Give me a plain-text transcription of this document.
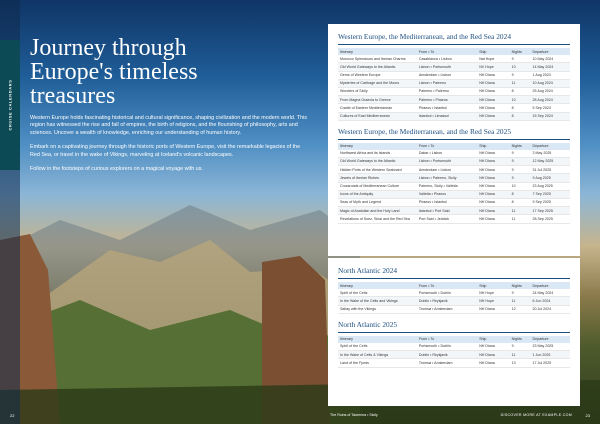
CRUISE CALENDARS
Journey through
Europe's timeless
treasures

Western Europe holds fascinating historical and cultural significance, shaping civilization and the modern world. This region has witnessed the rise and fall of empires, the birth of religions, and the flourishing of philosophy, arts and sciences. Uncover a wealth of knowledge, enriching our understanding of human history.

Embark on a captivating journey through the historic ports of Western Europe, visit the remarkable legacies of the Red Sea, or travel in the wake of Vikings, marveling at Iceland's volcanic landscapes.

Follow in the footsteps of curious explorers on a magical voyage with us.

Western Europe, the Mediterranean, and the Red Sea 2024
Itinerary	From • To	Ship	Nights	Departure
Morocco Splendours and Iberian Charms	Casablanca • Lisbon	Nat Hope	9	10 May 2024
Old World Gateways to the Atlantic	Lisbon • Portsmouth	NV Hope	10	14 May 2024
Gems of Western Europe	Amsterdam • Lisbon	NH Diana	9	1 Aug 2024
Mysteries of Carthage and the Moors	Lisbon • Palermo	NH Diana	11	10 Aug 2024
Wonders of Sicily	Palermo • Palermo	NH Diana	8	25 Aug 2024
From Magna Graecia to Greece	Palermo • Piraeus	NH Diana	10	28 Aug 2024
Cradle of Eastern Mediterranean	Piraeus • Istanbul	NH Diana	8	5 Sep 2024
Cultures of East Mediterranean	Istanbul • Limassol	NH Diana	8	15 Sep 2024
Western Europe, the Mediterranean, and the Red Sea 2025
Itinerary	From • To	Ship	Nights	Departure
Northwest Africa and its Islands	Dakar • Lisbon	NH Diana	9	3 May 2025
Old World Gateways to the Atlantic	Lisbon • Portsmouth	NH Diana	9	12 May 2025
Hidden Ports of the Western Seaboard	Amsterdam • Lisbon	NH Diana	9	31 Jul 2025
Jewels of Iberian Riches	Lisbon • Palermo, Sicily	NH Diana	9	9 Aug 2025
Crossroads of Mediterranean Culture	Palermo, Sicily • Valletta	NH Diana	10	23 Aug 2025
Icons of the Antiquity	Valletta • Piraeus	NH Diana	8	7 Sep 2025
Seas of Myth and Legend	Piraeus • Istanbul	NH Diana	8	9 Sep 2025
Magic of Anatolian and the Holy Land	Istanbul • Port Said	NH Diana	11	17 Sep 2025
Revelations of Suez, Sinai and the Red Sea	Port Said • Jeddah	NH Diana	11	28 Sep 2025
North Atlantic 2024
Itinerary	From • To	Ship	Nights	Departure
Spirit of the Celts	Portsmouth • Dublin	NH Hope	9	24 May 2024
In the Wake of the Celts and Vikings	Dublin • Reykjavik	NH Hope	11	6 Jun 2024
Saltay with the Vikings	Tromsø • Amsterdam	NH Diana	12	20 Jul 2024
North Atlantic 2025
Itinerary	From • To	Ship	Nights	Departure
Spirit of the Celts	Portsmouth • Dublin	NH Diana	9	23 May 2025
In the Wake of Celts & Vikings	Dublin • Reykjavik	NH Diana	11	1 Jun 2025
Land of the Fjords	Tromsø • Amsterdam	NH Diana	13	17 Jul 2025
22	The Ruins of Taormina • Sicily	DISCOVER MORE AT EXAMPLE.COM	23
